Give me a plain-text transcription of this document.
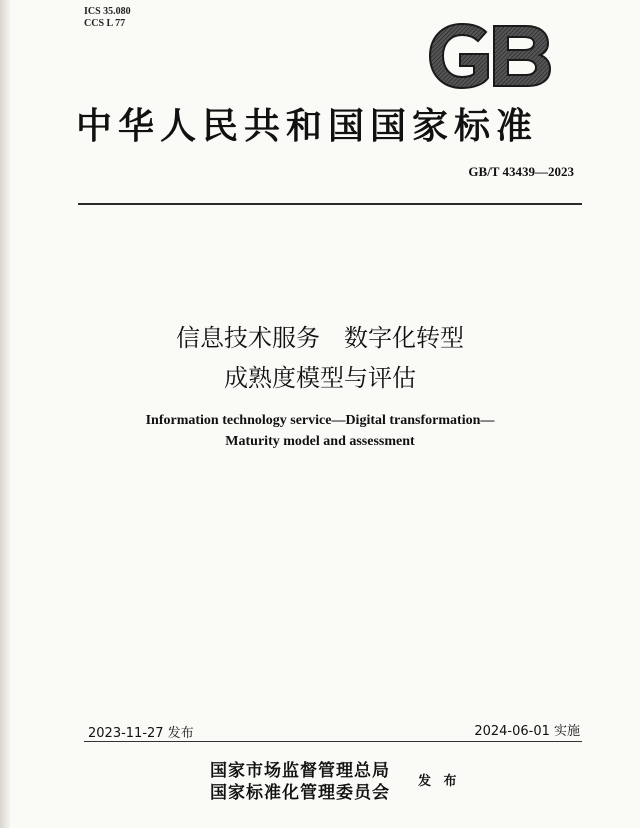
ICS 35.080
CCS L 77
中华人民共和国国家标准
GB/T 43439—2023
信息技术服务　数字化转型
成熟度模型与评估
Information technology service—Digital transformation—
Maturity model and assessment
2023-11-27 发布	2024-06-01 实施
国家市场监督管理总局
国家标准化管理委员会
发 布
